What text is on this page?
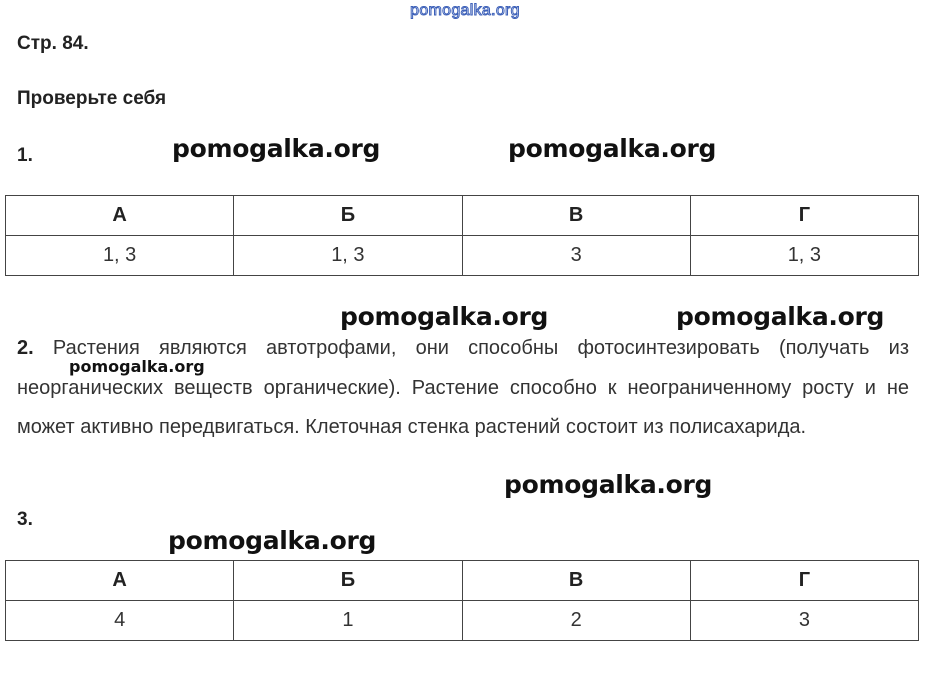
pomogalka.org
Стр. 84.
Проверьте себя
1.	pomogalka.org	pomogalka.org
А	Б	В	Г
1, 3	1, 3	3	1, 3
pomogalka.org	pomogalka.org
2. Растения являются автотрофами, они способны фотосинтезировать (получать из неорганических веществ органические). Растение способно к неограниченному росту и не может активно передвигаться. Клеточная стенка растений состоит из полисахарида.
pomogalka.org
pomogalka.org
3.
pomogalka.org
А	Б	В	Г
4	1	2	3
